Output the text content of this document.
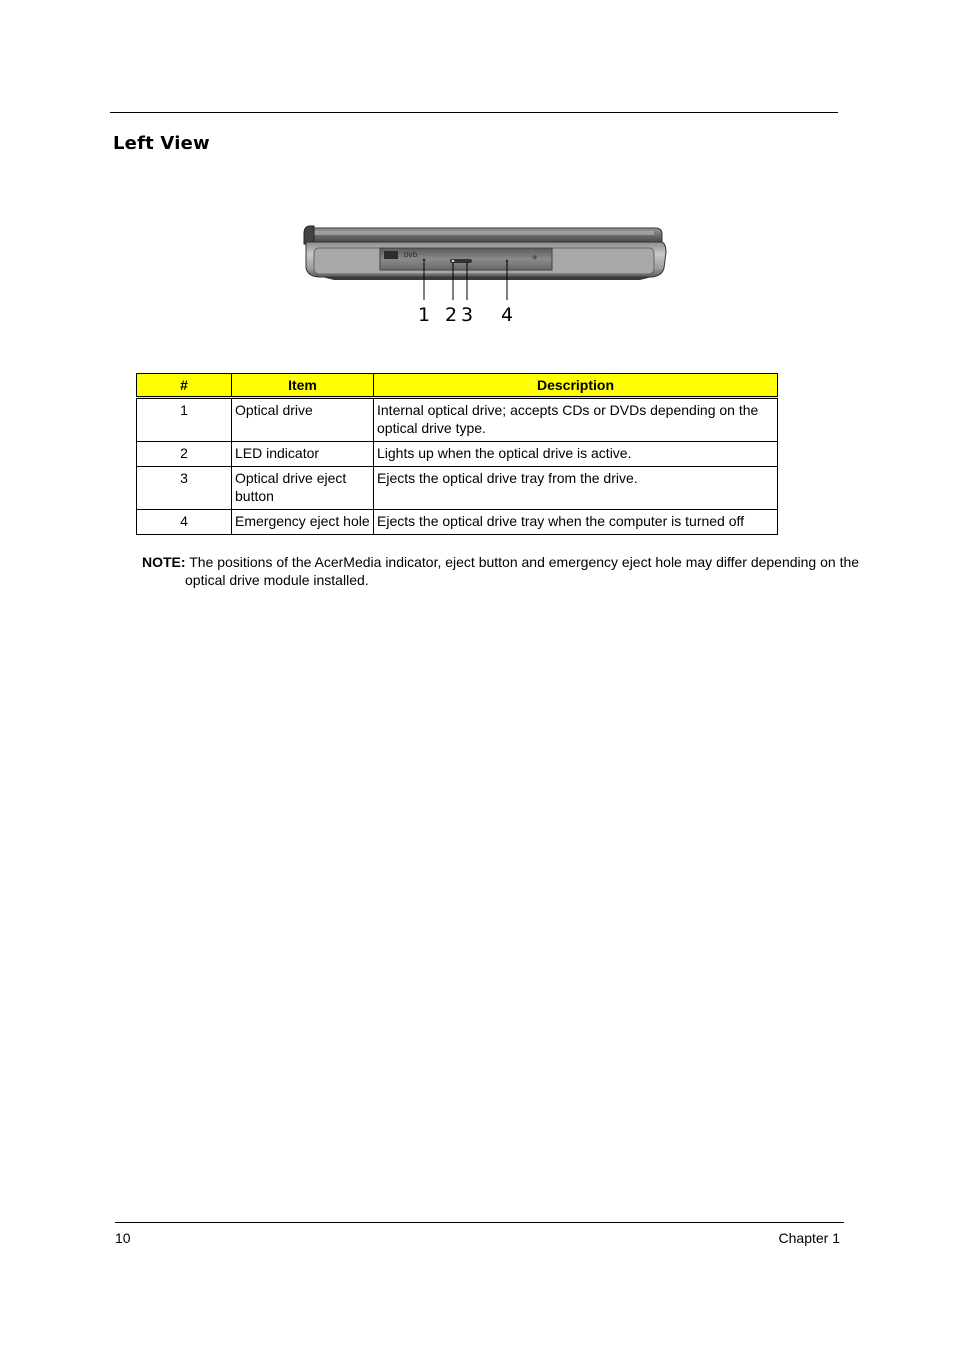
Left View
DVD	◈
1 2 3 4
#	Item	Description
1	Optical drive	Internal optical drive; accepts CDs or DVDs depending on the optical drive type.
2	LED indicator	Lights up when the optical drive is active.
3	Optical drive eject button	Ejects the optical drive tray from the drive.
4	Emergency eject hole	Ejects the optical drive tray when the computer is turned off
NOTE: The positions of the AcerMedia indicator, eject button and emergency eject hole may differ depending on the optical drive module installed.
10	Chapter 1
